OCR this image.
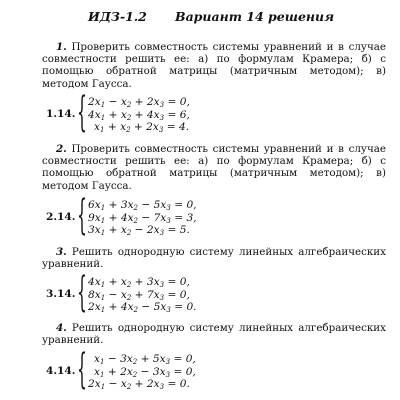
ИДЗ-1.2 Вариант 14 решения

1. Проверить совместность системы уравнений и в случае совместности решить ее: а) по формулам Крамера; б) с помощью обратной матрицы (матричным методом); в) методом Гаусса.

1.14. { $2x_1 - x_2 + 2x_3 = 0$,
$4x_1 + x_2 + 4x_3 = 6$,
$x_1 + x_2 + 2x_3 = 4$.

2. Проверить совместность системы уравнений и в случае совместности решить ее: а) по формулам Крамера; б) с помощью обратной матрицы (матричным методом); в) методом Гаусса.

2.14. { $6x_1 + 3x_2 - 5x_3 = 0$,
$9x_1 + 4x_2 - 7x_3 = 3$,
$3x_1 + x_2 - 2x_3 = 5$.

3. Решить однородную систему линейных алгебраических уравнений.

3.14. { $4x_1 + x_2 + 3x_3 = 0$,
$8x_1 - x_2 + 7x_3 = 0$,
$2x_1 + 4x_2 - 5x_3 = 0$.

4. Решить однородную систему линейных алгебраических уравнений.

4.14. { $x_1 - 3x_2 + 5x_3 = 0$,
$x_1 + 2x_2 - 3x_3 = 0$,
$2x_1 - x_2 + 2x_3 = 0$.
